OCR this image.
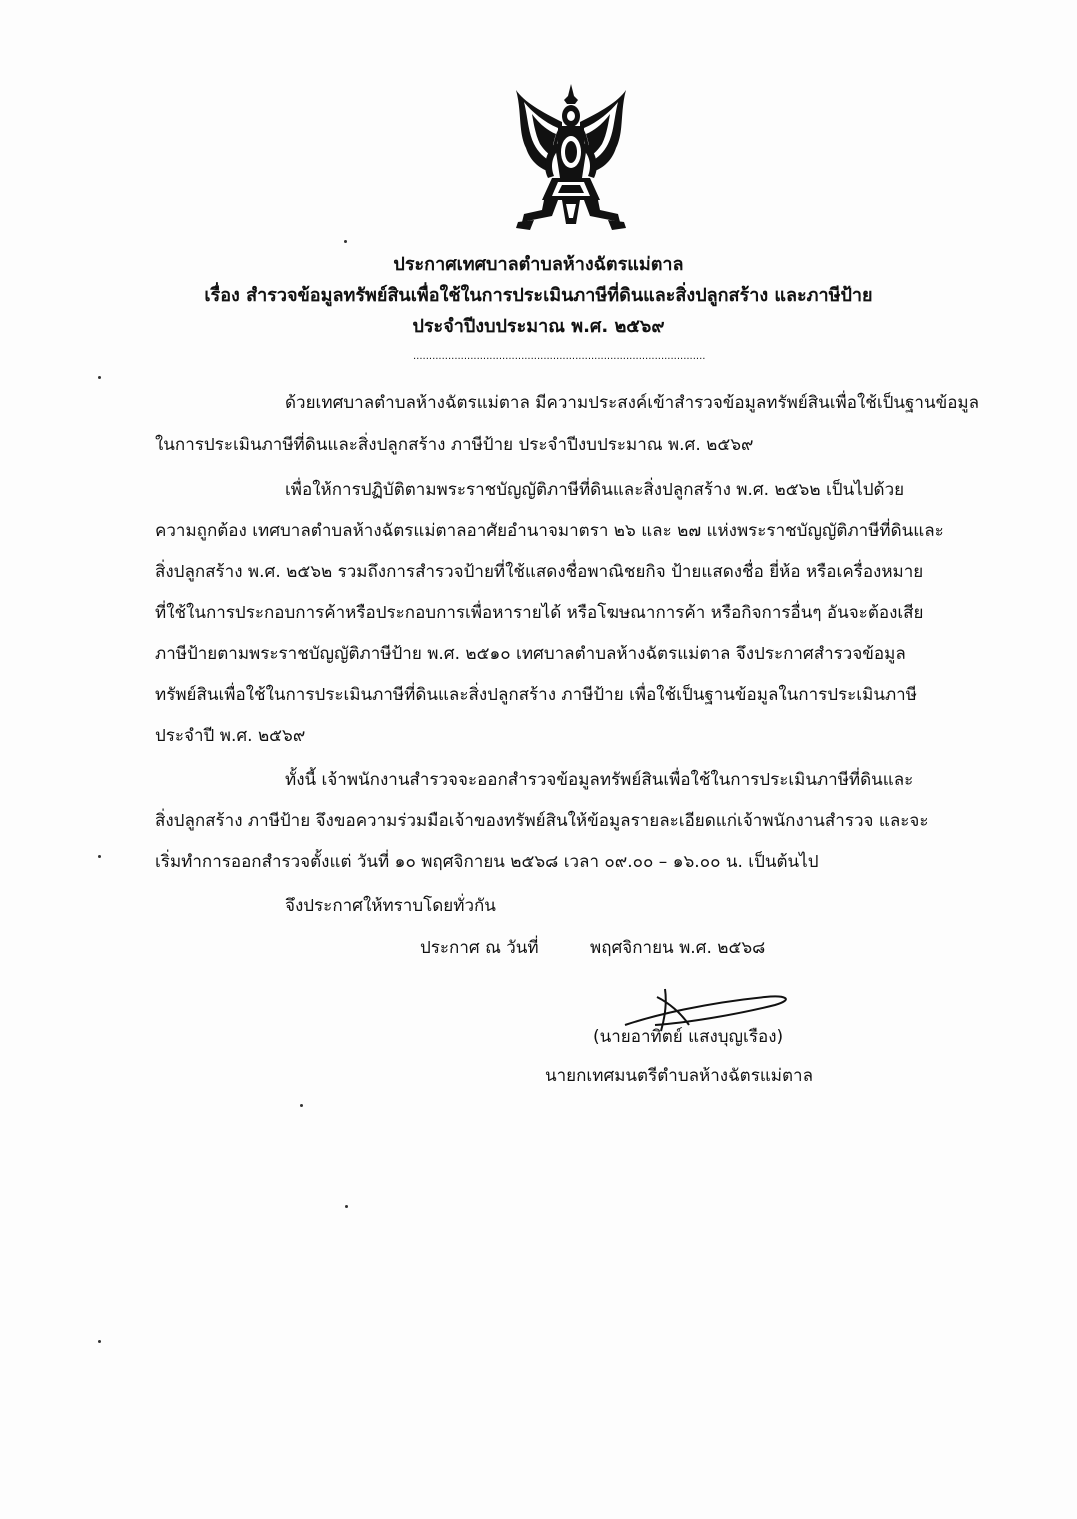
ประกาศเทศบาลตำบลห้างฉัตรแม่ตาล
เรื่อง สำรวจข้อมูลทรัพย์สินเพื่อใช้ในการประเมินภาษีที่ดินและสิ่งปลูกสร้าง และภาษีป้าย
ประจำปีงบประมาณ พ.ศ. ๒๕๖๙
............................................................................................
ด้วยเทศบาลตำบลห้างฉัตรแม่ตาล มีความประสงค์เข้าสำรวจข้อมูลทรัพย์สินเพื่อใช้เป็นฐานข้อมูล
ในการประเมินภาษีที่ดินและสิ่งปลูกสร้าง ภาษีป้าย ประจำปีงบประมาณ พ.ศ. ๒๕๖๙
เพื่อให้การปฏิบัติตามพระราชบัญญัติภาษีที่ดินและสิ่งปลูกสร้าง พ.ศ. ๒๕๖๒ เป็นไปด้วย
ความถูกต้อง เทศบาลตำบลห้างฉัตรแม่ตาลอาศัยอำนาจมาตรา ๒๖ และ ๒๗ แห่งพระราชบัญญัติภาษีที่ดินและ
สิ่งปลูกสร้าง พ.ศ. ๒๕๖๒ รวมถึงการสำรวจป้ายที่ใช้แสดงชื่อพาณิชยกิจ ป้ายแสดงชื่อ ยี่ห้อ หรือเครื่องหมาย
ที่ใช้ในการประกอบการค้าหรือประกอบการเพื่อหารายได้ หรือโฆษณาการค้า หรือกิจการอื่นๆ อันจะต้องเสีย
ภาษีป้ายตามพระราชบัญญัติภาษีป้าย พ.ศ. ๒๕๑๐ เทศบาลตำบลห้างฉัตรแม่ตาล จึงประกาศสำรวจข้อมูล
ทรัพย์สินเพื่อใช้ในการประเมินภาษีที่ดินและสิ่งปลูกสร้าง ภาษีป้าย เพื่อใช้เป็นฐานข้อมูลในการประเมินภาษี
ประจำปี พ.ศ. ๒๕๖๙
ทั้งนี้ เจ้าพนักงานสำรวจจะออกสำรวจข้อมูลทรัพย์สินเพื่อใช้ในการประเมินภาษีที่ดินและ
สิ่งปลูกสร้าง ภาษีป้าย จึงขอความร่วมมือเจ้าของทรัพย์สินให้ข้อมูลรายละเอียดแก่เจ้าพนักงานสำรวจ และจะ
เริ่มทำการออกสำรวจตั้งแต่ วันที่ ๑๐ พฤศจิกายน ๒๕๖๘ เวลา ๐๙.๐๐ – ๑๖.๐๐ น. เป็นต้นไป
จึงประกาศให้ทราบโดยทั่วกัน
ประกาศ ณ วันที่	พฤศจิกายน พ.ศ. ๒๕๖๘
(นายอาทิตย์ แสงบุญเรือง)
นายกเทศมนตรีตำบลห้างฉัตรแม่ตาล
